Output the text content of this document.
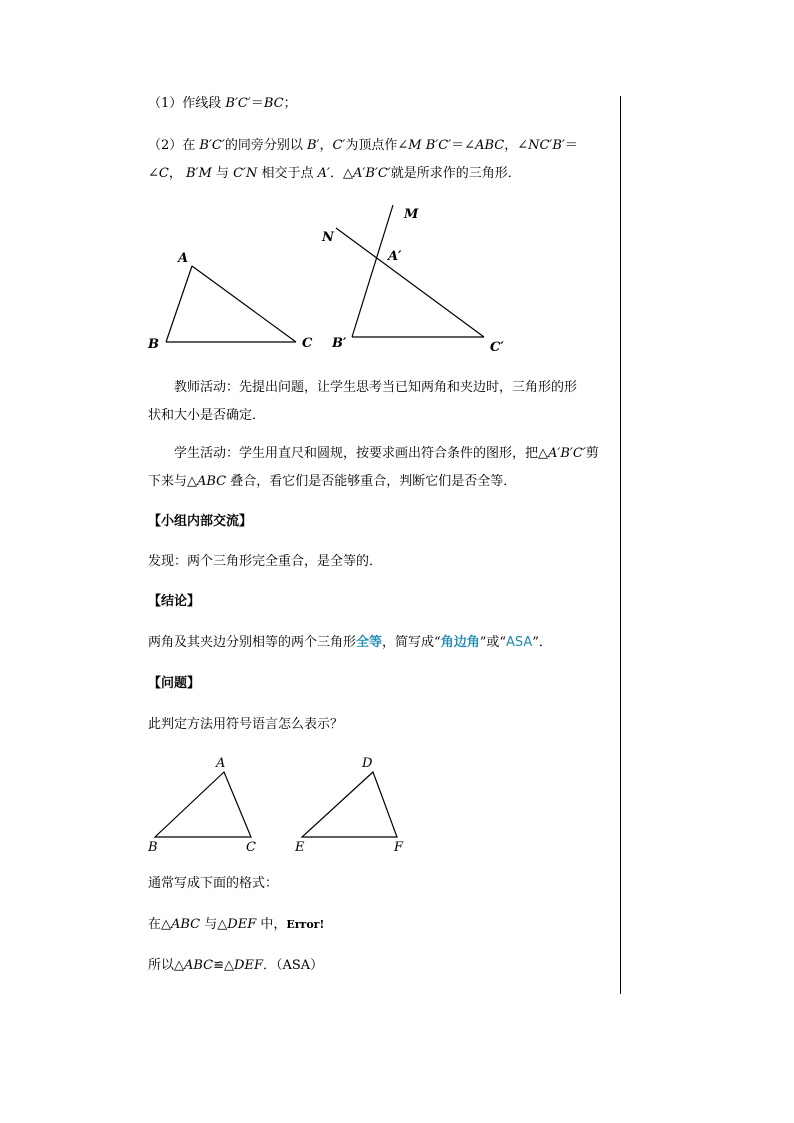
（1）作线段 B′C′＝BC；
（2）在 B′C′的同旁分别以 B′，C′为顶点作∠M B′C′＝∠ABC，∠NC′B′＝
∠C， B′M 与 C′N 相交于点 A′．△A′B′C′就是所求作的三角形．
A
B	C
M
N
A′
B′	C′
教师活动：先提出问题，让学生思考当已知两角和夹边时，三角形的形
状和大小是否确定．
学生活动：学生用直尺和圆规，按要求画出符合条件的图形，把△A′B′C′剪
下来与△ABC 叠合，看它们是否能够重合，判断它们是否全等．
【小组内部交流】
发现：两个三角形完全重合，是全等的．
【结论】
两角及其夹边分别相等的两个三角形全等，简写成“角边角”或“ASA”．
【问题】
此判定方法用符号语言怎么表示？
A
B	C
D
E	F
通常写成下面的格式：
在△ABC 与△DEF 中，Error!
所以△ABC≌△DEF．（ASA）
